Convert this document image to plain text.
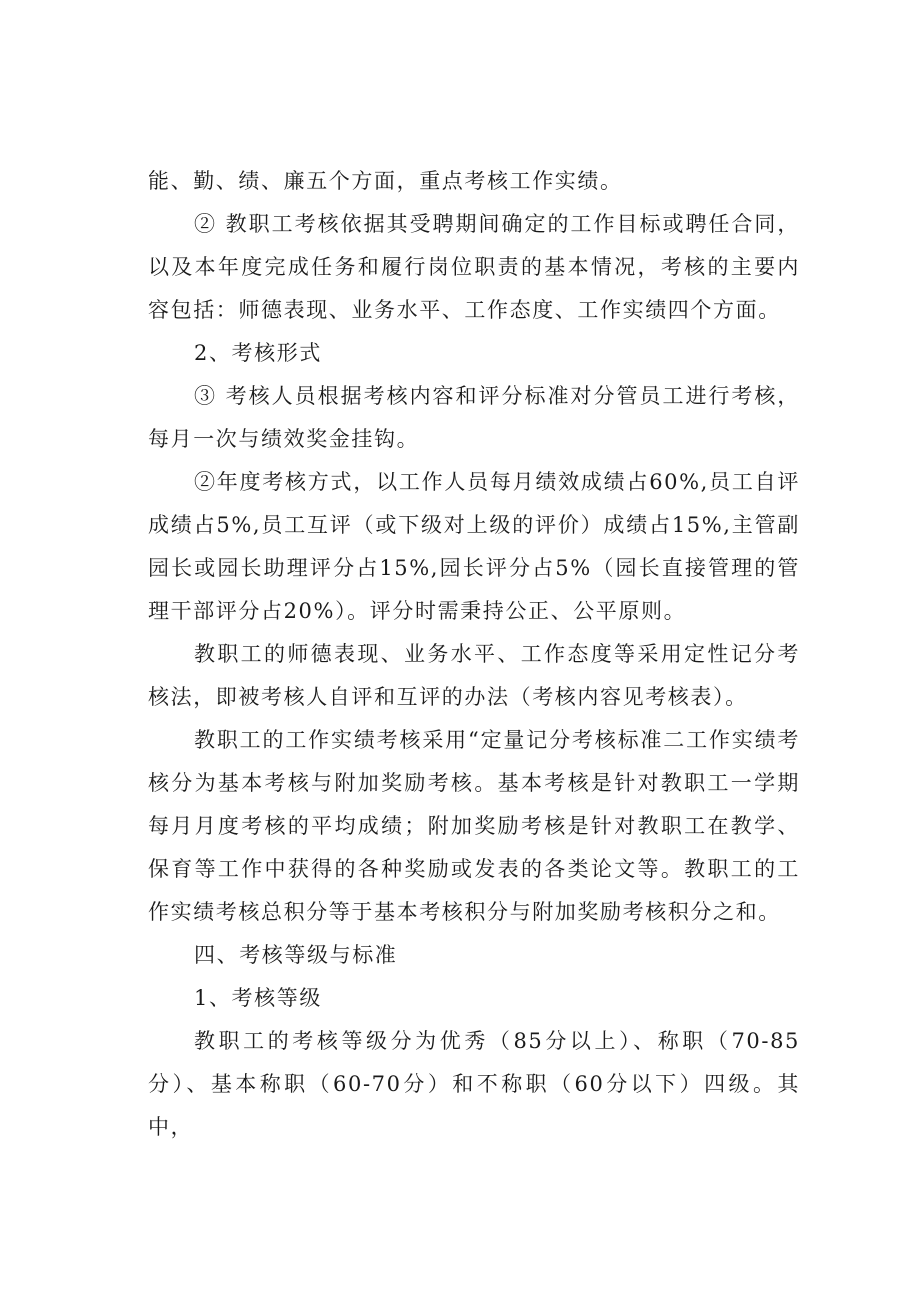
能、勤、绩、廉五个方面，重点考核工作实绩。

② 教职工考核依据其受聘期间确定的工作目标或聘任合同，以及本年度完成任务和履行岗位职责的基本情况，考核的主要内容包括：师德表现、业务水平、工作态度、工作实绩四个方面。

2、考核形式

③ 考核人员根据考核内容和评分标准对分管员工进行考核，每月一次与绩效奖金挂钩。

②年度考核方式，以工作人员每月绩效成绩占60%,员工自评成绩占5%,员工互评（或下级对上级的评价）成绩占15%,主管副园长或园长助理评分占15%,园长评分占5%（园长直接管理的管理干部评分占20%）。评分时需秉持公正、公平原则。

教职工的师德表现、业务水平、工作态度等采用定性记分考核法，即被考核人自评和互评的办法（考核内容见考核表）。

教职工的工作实绩考核采用“定量记分考核标准二工作实绩考核分为基本考核与附加奖励考核。基本考核是针对教职工一学期每月月度考核的平均成绩；附加奖励考核是针对教职工在教学、保育等工作中获得的各种奖励或发表的各类论文等。教职工的工作实绩考核总积分等于基本考核积分与附加奖励考核积分之和。

四、考核等级与标准

1、考核等级

教职工的考核等级分为优秀（85分以上）、称职（70-85分）、基本称职（60-70分）和不称职（60分以下）四级。其中，
